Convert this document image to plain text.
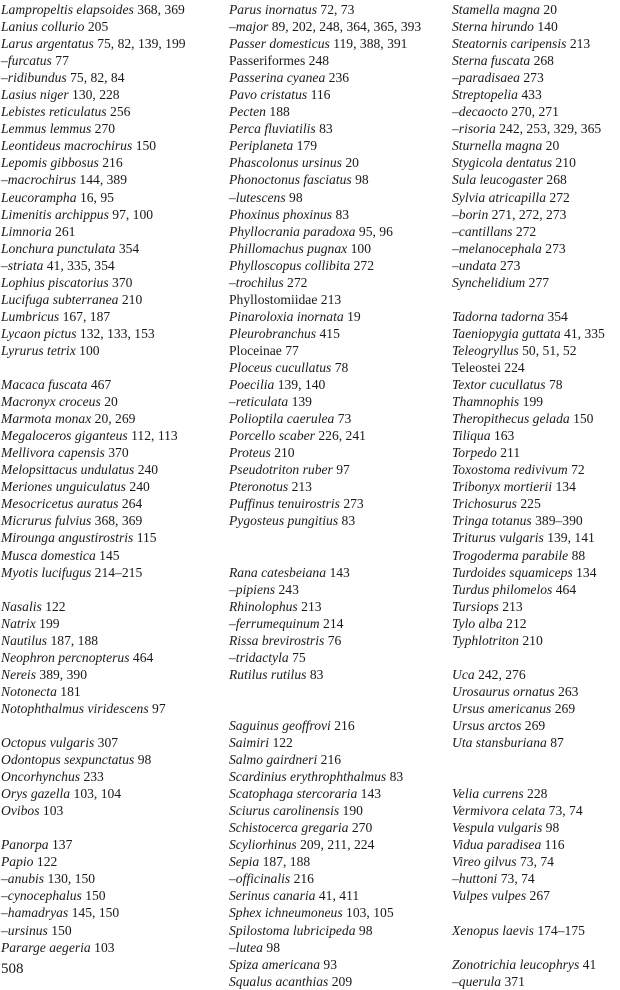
Lampropeltis elapsoides 368, 369
Lanius collurio 205
Larus argentatus 75, 82, 139, 199
–furcatus 77
–ridibundus 75, 82, 84
Lasius niger 130, 228
Lebistes reticulatus 256
Lemmus lemmus 270
Leontideus macrochirus 150
Lepomis gibbosus 216
–macrochirus 144, 389
Leucorampha 16, 95
Limenitis archippus 97, 100
Limnoria 261
Lonchura punctulata 354
–striata 41, 335, 354
Lophius piscatorius 370
Lucifuga subterranea 210
Lumbricus 167, 187
Lycaon pictus 132, 133, 153
Lyrurus tetrix 100
Macaca fuscata 467
Macronyx croceus 20
Marmota monax 20, 269
Megaloceros giganteus 112, 113
Mellivora capensis 370
Melopsittacus undulatus 240
Meriones unguiculatus 240
Mesocricetus auratus 264
Micrurus fulvius 368, 369
Mirounga angustirostris 115
Musca domestica 145
Myotis lucifugus 214–215
Nasalis 122
Natrix 199
Nautilus 187, 188
Neophron percnopterus 464
Nereis 389, 390
Notonecta 181
Notophthalmus viridescens 97
Octopus vulgaris 307
Odontopus sexpunctatus 98
Oncorhynchus 233
Orys gazella 103, 104
Ovibos 103
Panorpa 137
Papio 122
–anubis 130, 150
–cynocephalus 150
–hamadryas 145, 150
–ursinus 150
Pararge aegeria 103
Parus inornatus 72, 73
–major 89, 202, 248, 364, 365, 393
Passer domesticus 119, 388, 391
Passeriformes 248
Passerina cyanea 236
Pavo cristatus 116
Pecten 188
Perca fluviatilis 83
Periplaneta 179
Phascolonus ursinus 20
Phonoctonus fasciatus 98
–lutescens 98
Phoxinus phoxinus 83
Phyllocrania paradoxa 95, 96
Phillomachus pugnax 100
Phylloscopus collibita 272
–trochilus 272
Phyllostomiidae 213
Pinaroloxia inornata 19
Pleurobranchus 415
Ploceinae 77
Ploceus cucullatus 78
Poecilia 139, 140
–reticulata 139
Polioptila caerulea 73
Porcello scaber 226, 241
Proteus 210
Pseudotriton ruber 97
Pteronotus 213
Puffinus tenuirostris 273
Pygosteus pungitius 83
Rana catesbeiana 143
–pipiens 243
Rhinolophus 213
–ferrumequinum 214
Rissa brevirostris 76
–tridactyla 75
Rutilus rutilus 83
Saguinus geoffrovi 216
Saimiri 122
Salmo gairdneri 216
Scardinius erythrophthalmus 83
Scatophaga stercoraria 143
Sciurus carolinensis 190
Schistocerca gregaria 270
Scyliorhinus 209, 211, 224
Sepia 187, 188
–officinalis 216
Serinus canaria 41, 411
Sphex ichneumoneus 103, 105
Spilostoma lubricipeda 98
–lutea 98
Spiza americana 93
Squalus acanthias 209
Stamella magna 20
Sterna hirundo 140
Steatornis caripensis 213
Sterna fuscata 268
–paradisaea 273
Streptopelia 433
–decaocto 270, 271
–risoria 242, 253, 329, 365
Sturnella magna 20
Stygicola dentatus 210
Sula leucogaster 268
Sylvia atricapilla 272
–borin 271, 272, 273
–cantillans 272
–melanocephala 273
–undata 273
Synchelidium 277
Tadorna tadorna 354
Taeniopygia guttata 41, 335
Teleogryllus 50, 51, 52
Teleostei 224
Textor cucullatus 78
Thamnophis 199
Theropithecus gelada 150
Tiliqua 163
Torpedo 211
Toxostoma redivivum 72
Tribonyx mortierii 134
Trichosurus 225
Tringa totanus 389–390
Triturus vulgaris 139, 141
Trogoderma parabile 88
Turdoides squamiceps 134
Turdus philomelos 464
Tursiops 213
Tylo alba 212
Typhlotriton 210
Uca 242, 276
Urosaurus ornatus 263
Ursus americanus 269
Ursus arctos 269
Uta stansburiana 87
Velia currens 228
Vermivora celata 73, 74
Vespula vulgaris 98
Vidua paradisea 116
Vireo gilvus 73, 74
–huttoni 73, 74
Vulpes vulpes 267
Xenopus laevis 174–175
Zonotrichia leucophrys 41
–querula 371
508
